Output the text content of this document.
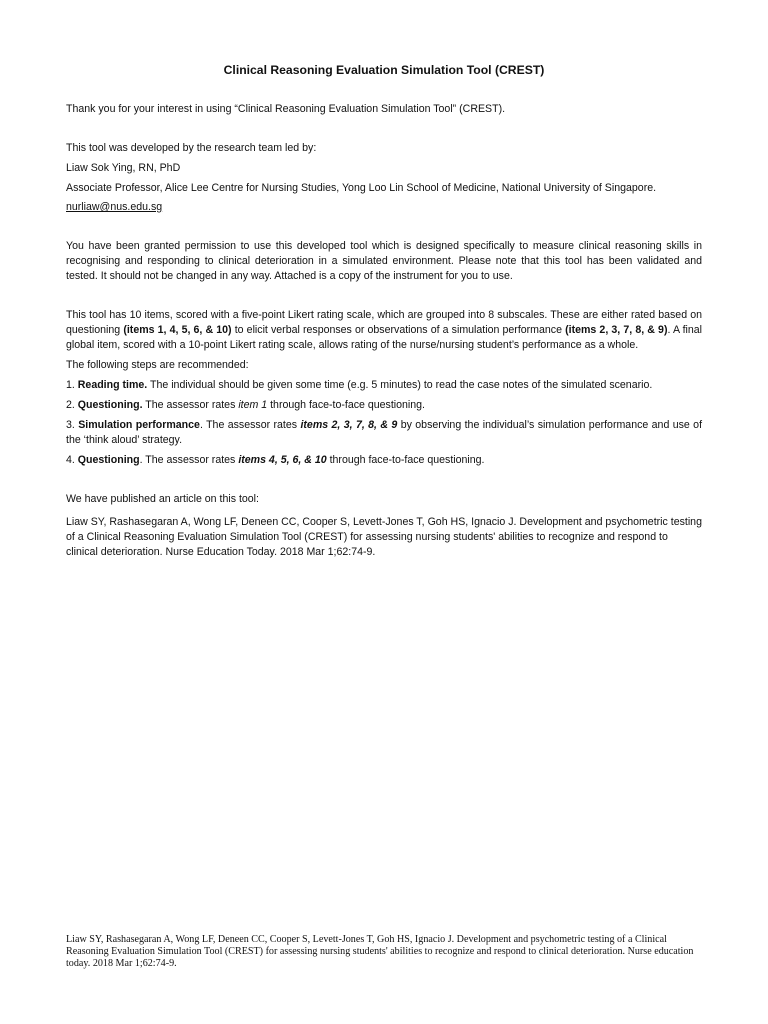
Clinical Reasoning Evaluation Simulation Tool (CREST)

Thank you for your interest in using “Clinical Reasoning Evaluation Simulation Tool” (CREST).

This tool was developed by the research team led by:

Liaw Sok Ying, RN, PhD

Associate Professor, Alice Lee Centre for Nursing Studies, Yong Loo Lin School of Medicine, National University of Singapore.

nurliaw@nus.edu.sg

You have been granted permission to use this developed tool which is designed specifically to measure clinical reasoning skills in recognising and responding to clinical deterioration in a simulated environment. Please note that this tool has been validated and tested. It should not be changed in any way. Attached is a copy of the instrument for you to use.

This tool has 10 items, scored with a five-point Likert rating scale, which are grouped into 8 subscales. These are either rated based on questioning (items 1, 4, 5, 6, & 10) to elicit verbal responses or observations of a simulation performance (items 2, 3, 7, 8, & 9). A final global item, scored with a 10-point Likert rating scale, allows rating of the nurse/nursing student’s performance as a whole.

The following steps are recommended:

1. Reading time. The individual should be given some time (e.g. 5 minutes) to read the case notes of the simulated scenario.

2. Questioning. The assessor rates item 1 through face-to-face questioning.

3. Simulation performance. The assessor rates items 2, 3, 7, 8, & 9 by observing the individual’s simulation performance and use of the ‘think aloud’ strategy.

4. Questioning. The assessor rates items 4, 5, 6, & 10 through face-to-face questioning.

We have published an article on this tool:

Liaw SY, Rashasegaran A, Wong LF, Deneen CC, Cooper S, Levett-Jones T, Goh HS, Ignacio J. Development and psychometric testing of a Clinical Reasoning Evaluation Simulation Tool (CREST) for assessing nursing students' abilities to recognize and respond to clinical deterioration. Nurse Education Today. 2018 Mar 1;62:74-9.

Liaw SY, Rashasegaran A, Wong LF, Deneen CC, Cooper S, Levett-Jones T, Goh HS, Ignacio J. Development and psychometric testing of a Clinical Reasoning Evaluation Simulation Tool (CREST) for assessing nursing students' abilities to recognize and respond to clinical deterioration. Nurse education today. 2018 Mar 1;62:74-9.
